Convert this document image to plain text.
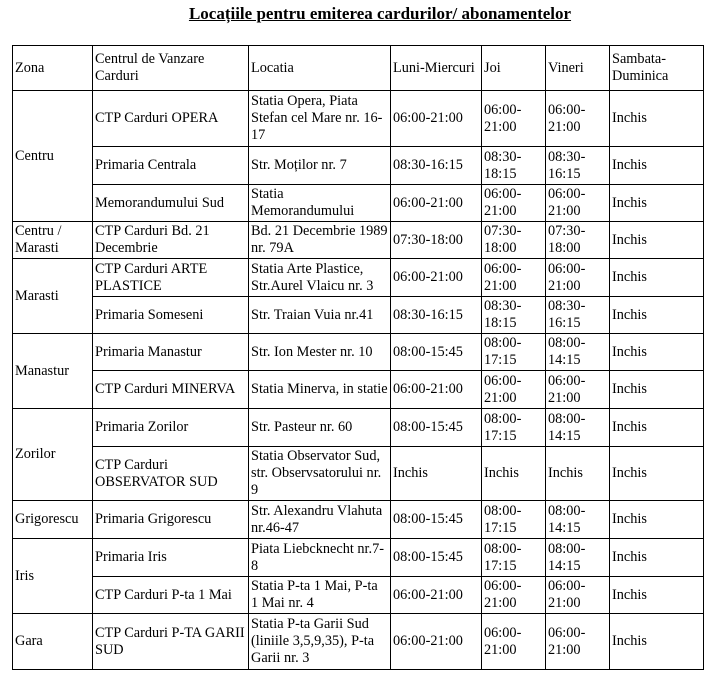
Locațiile pentru emiterea cardurilor/ abonamentelor
Zona	Centrul de Vanzare Carduri	Locatia	Luni-Miercuri	Joi	Vineri	Sambata-Duminica
Centru	CTP Carduri OPERA	Statia Opera, Piata Stefan cel Mare nr. 16-17	06:00-21:00	06:00-21:00	06:00-21:00	Inchis
	Primaria Centrala	Str. Moților nr. 7	08:30-16:15	08:30-18:15	08:30-16:15	Inchis
	Memorandumului Sud	Statia Memorandumului	06:00-21:00	06:00-21:00	06:00-21:00	Inchis
Centru / Marasti	CTP Carduri Bd. 21 Decembrie	Bd. 21 Decembrie 1989 nr. 79A	07:30-18:00	07:30-18:00	07:30-18:00	Inchis
Marasti	CTP Carduri ARTE PLASTICE	Statia Arte Plastice, Str.Aurel Vlaicu nr. 3	06:00-21:00	06:00-21:00	06:00-21:00	Inchis
	Primaria Someseni	Str. Traian Vuia nr.41	08:30-16:15	08:30-18:15	08:30-16:15	Inchis
Manastur	Primaria Manastur	Str. Ion Mester nr. 10	08:00-15:45	08:00-17:15	08:00-14:15	Inchis
	CTP Carduri MINERVA	Statia Minerva, in statie	06:00-21:00	06:00-21:00	06:00-21:00	Inchis
Zorilor	Primaria Zorilor	Str. Pasteur nr. 60	08:00-15:45	08:00-17:15	08:00-14:15	Inchis
	CTP Carduri OBSERVATOR SUD	Statia Observator Sud, str. Observsatorului nr. 9	Inchis	Inchis	Inchis	Inchis
Grigorescu	Primaria Grigorescu	Str. Alexandru Vlahuta nr.46-47	08:00-15:45	08:00-17:15	08:00-14:15	Inchis
Iris	Primaria Iris	Piata Liebcknecht nr.7-8	08:00-15:45	08:00-17:15	08:00-14:15	Inchis
	CTP Carduri P-ta 1 Mai	Statia P-ta 1 Mai, P-ta 1 Mai nr. 4	06:00-21:00	06:00-21:00	06:00-21:00	Inchis
Gara	CTP Carduri P-TA GARII SUD	Statia P-ta Garii Sud (liniile 3,5,9,35), P-ta Garii nr. 3	06:00-21:00	06:00-21:00	06:00-21:00	Inchis
